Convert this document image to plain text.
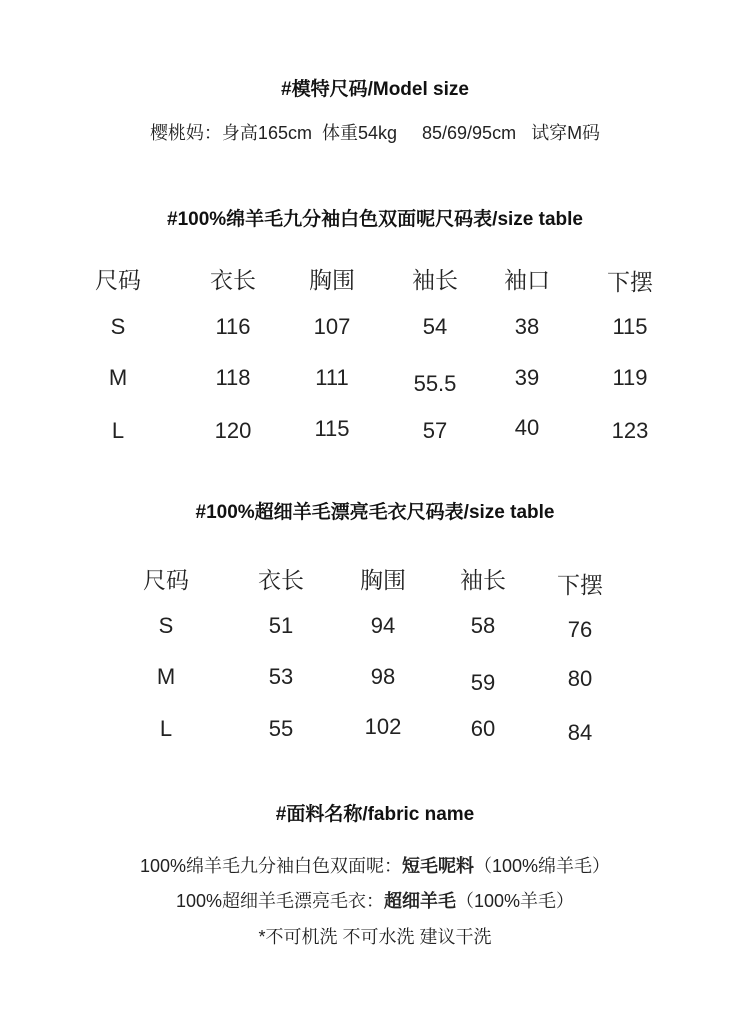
#模特尺码/Model size
樱桃妈：身高165cm  体重54kg     85/69/95cm   试穿M码
#100%绵羊毛九分袖白色双面呢尺码表/size table
尺码	衣长	胸围	袖长	袖口	下摆
S	116	107	54	38	115
M	118	111	55.5	39	119
L	120	115	57	40	123
#100%超细羊毛漂亮毛衣尺码表/size table
尺码	衣长	胸围	袖长	下摆
S	51	94	58	76
M	53	98	59	80
L	55	102	60	84
#面料名称/fabric name
100%绵羊毛九分袖白色双面呢：短毛呢料（100%绵羊毛）
100%超细羊毛漂亮毛衣：超细羊毛（100%羊毛）
*不可机洗 不可水洗 建议干洗
